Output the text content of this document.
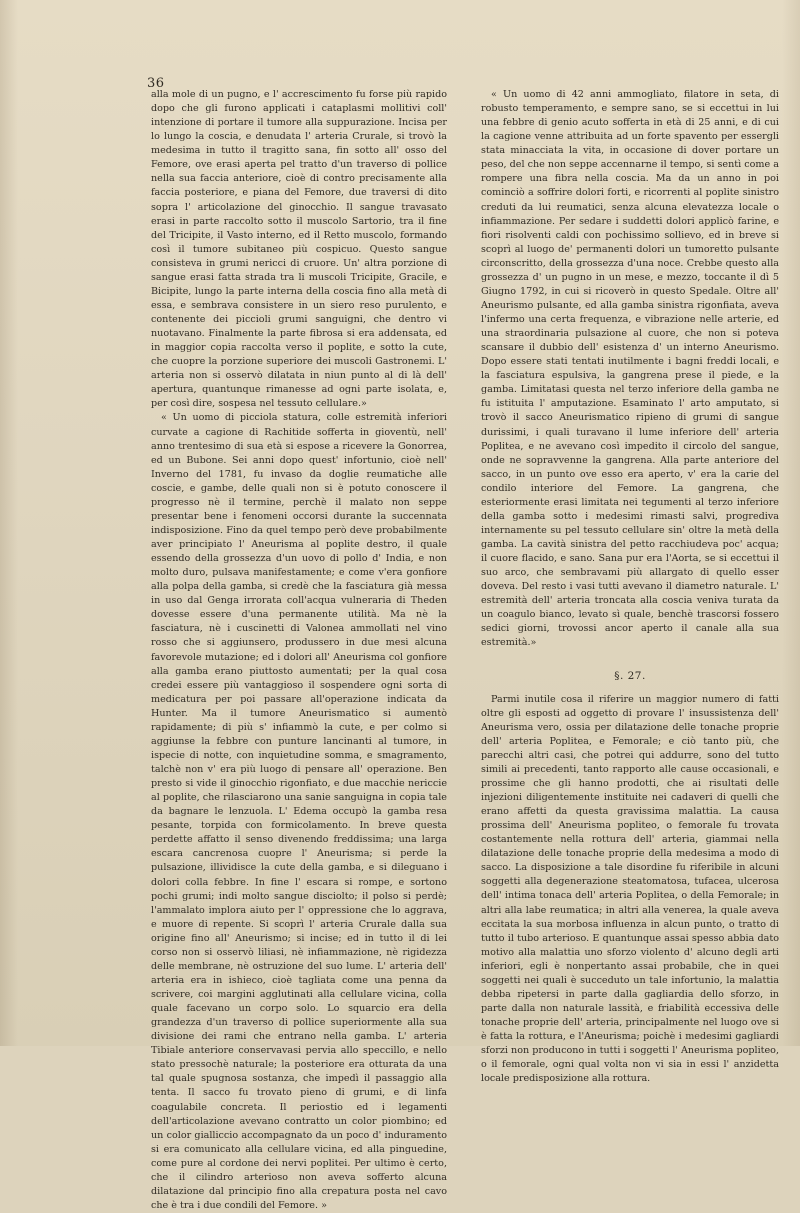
36

alla mole di un pugno, e l' accrescimento fu forse più rapido dopo che gli furono applicati i cataplasmi mollitivi coll' intenzione di portare il tumore alla suppurazione. Incisa per lo lungo la coscia, e denudata l' arteria Crurale, si trovò la medesima in tutto il tragitto sana, fin sotto all' osso del Femore, ove erasi aperta pel tratto d'un traverso di pollice nella sua faccia anteriore, cioè di contro precisamente alla faccia posteriore, e piana del Femore, due traversi di dito sopra l' articolazione del ginocchio. Il sangue travasato erasi in parte raccolto sotto il muscolo Sartorio, tra il fine del Tricipite, il Vasto interno, ed il Retto muscolo, formando così il tumore subitaneo più cospicuo. Questo sangue consisteva in grumi nericci di cruore. Un' altra porzione di sangue erasi fatta strada tra li muscoli Tricipite, Gracile, e Bicipite, lungo la parte interna della coscia fino alla metà di essa, e sembrava consistere in un siero reso purulento, e contenente dei piccioli grumi sanguigni, che dentro vi nuotavano. Finalmente la parte fibrosa si era addensata, ed in maggior copia raccolta verso il poplite, e sotto la cute, che cuopre la porzione superiore dei muscoli Gastronemi. L' arteria non si osservò dilatata in niun punto al di là dell' apertura, quantunque rimanesse ad ogni parte isolata, e, per così dire, sospesa nel tessuto cellulare.»

« Un uomo di picciola statura, colle estremità inferiori curvate a cagione di Rachitide sofferta in gioventù, nell' anno trentesimo di sua età si espose a ricevere la Gonorrea, ed un Bubone. Sei anni dopo quest' infortunio, cioè nell' Inverno del 1781, fu invaso da doglie reumatiche alle coscie, e gambe, delle quali non si è potuto conoscere il progresso nè il termine, perchè il malato non seppe presentar bene i fenomeni occorsi durante la succennata indisposizione. Fino da quel tempo però deve probabilmente aver principiato l' Aneurisma al poplite destro, il quale essendo della grossezza d'un uovo di pollo d' India, e non molto duro, pulsava manifestamente; e come v'era gonfiore alla polpa della gamba, si credè che la fasciatura già messa in uso dal Genga irrorata coll'acqua vulneraria di Theden dovesse essere d'una permanente utilità. Ma nè la fasciatura, nè i cuscinetti di Valonea ammollati nel vino rosso che si aggiunsero, produssero in due mesi alcuna favorevole mutazione; ed i dolori all' Aneurisma col gonfiore alla gamba erano piuttosto aumentati; per la qual cosa credei essere più vantaggioso il sospendere ogni sorta di medicatura per poi passare all'operazione indicata da Hunter. Ma il tumore Aneurismatico si aumentò rapidamente; di più s' infiammò la cute, e per colmo si aggiunse la febbre con punture lancinanti al tumore, in ispecie di notte, con inquietudine somma, e smagramento, talchè non v' era più luogo di pensare all' operazione. Ben presto si vide il ginocchio rigonfiato, e due macchie nericcie al poplite, che rilasciarono una sanie sanguigna in copia tale da bagnare le lenzuola. L' Edema occupò la gamba resa pesante, torpida con formicolamento. In breve questa perdette affatto il senso divenendo freddissima; una larga escara cancrenosa cuopre l' Aneurisma; si perde la pulsazione, illividisce la cute della gamba, e si dileguano i dolori colla febbre. In fine l' escara si rompe, e sortono pochi grumi; indi molto sangue disciolto; il polso si perdè; l'ammalato implora aiuto per l' oppressione che lo aggrava, e muore di repente. Si scoprì l' arteria Crurale dalla sua origine fino all' Aneurismo; si incise; ed in tutto il di lei corso non si osservò liliasi, nè infiammazione, nè rigidezza delle membrane, nè ostruzione del suo lume. L' arteria dell' arteria era in ishieco, cioè tagliata come una penna da scrivere, coi margini agglutinati alla cellulare vicina, colla quale facevano un corpo solo. Lo squarcio era della grandezza d'un traverso di pollice superiormente alla sua divisione dei rami che entrano nella gamba. L' arteria Tibiale anteriore conservavasi pervia allo speccillo, e nello stato pressochè naturale; la posteriore era otturata da una tal quale spugnosa sostanza, che impedì il passaggio alla tenta. Il sacco fu trovato pieno di grumi, e di linfa coagulabile concreta. Il periostio ed i legamenti dell'articolazione avevano contratto un color piombino; ed un color gialliccio accompagnato da un poco d' induramento si era comunicato alla cellulare vicina, ed alla pinguedine, come pure al cordone dei nervi poplitei. Per ultimo è certo, che il cilindro arterioso non aveva sofferto alcuna dilatazione dal principio fino alla crepatura posta nel cavo che è tra i due condili del Femore. »

« Un uomo di 42 anni ammogliato, filatore in seta, di robusto temperamento, e sempre sano, se si eccettui in lui una febbre di genio acuto sofferta in età di 25 anni, e di cui la cagione venne attribuita ad un forte spavento per essergli stata minacciata la vita, in occasione di dover portare un peso, del che non seppe accennarne il tempo, si sentì come a rompere una fibra nella coscia. Ma da un anno in poi cominciò a soffrire dolori forti, e ricorrenti al poplite sinistro creduti da lui reumatici, senza alcuna elevatezza locale o infiammazione. Per sedare i suddetti dolori applicò farine, e fiori risolventi caldi con pochissimo sollievo, ed in breve si scoprì al luogo de' permanenti dolori un tumoretto pulsante circonscritto, della grossezza d'una noce. Crebbe questo alla grossezza d' un pugno in un mese, e mezzo, toccante il dì 5 Giugno 1792, in cui si ricoverò in questo Spedale. Oltre all' Aneurismo pulsante, ed alla gamba sinistra rigonfiata, aveva l'infermo una certa frequenza, e vibrazione nelle arterie, ed una straordinaria pulsazione al cuore, che non si poteva scansare il dubbio dell' esistenza d' un interno Aneurismo. Dopo essere stati tentati inutilmente i bagni freddi locali, e la fasciatura espulsiva, la gangrena prese il piede, e la gamba. Limitatasi questa nel terzo inferiore della gamba ne fu istituita l' amputazione. Esaminato l' arto amputato, si trovò il sacco Aneurismatico ripieno di grumi di sangue durissimi, i quali turavano il lume inferiore dell' arteria Poplitea, e ne avevano così impedito il circolo del sangue, onde ne sopravvenne la gangrena. Alla parte anteriore del sacco, in un punto ove esso era aperto, v' era la carie del condilo interiore del Femore. La gangrena, che esteriormente erasi limitata nei tegumenti al terzo inferiore della gamba sotto i medesimi rimasti salvi, progrediva internamente su pel tessuto cellulare sin' oltre la metà della gamba. La cavità sinistra del petto racchiudeva poc' acqua; il cuore flacido, e sano. Sana pur era l'Aorta, se si eccettui il suo arco, che sembravami più allargato di quello esser doveva. Del resto i vasi tutti avevano il diametro naturale. L' estremità dell' arteria troncata alla coscia veniva turata da un coagulo bianco, levato sì quale, benchè trascorsi fossero sedici giorni, trovossi ancor aperto il canale alla sua estremità.»

§. 27.

Parmi inutile cosa il riferire un maggior numero di fatti oltre gli esposti ad oggetto di provare l' insussistenza dell' Aneurisma vero, ossia per dilatazione delle tonache proprie dell' arteria Poplitea, e Femorale; e ciò tanto più, che parecchi altri casi, che potrei qui addurre, sono del tutto simili ai precedenti, tanto rapporto alle cause occasionali, e prossime che gli hanno prodotti, che ai risultati delle injezioni diligentemente instituite nei cadaveri di quelli che erano affetti da questa gravissima malattia. La causa prossima dell' Aneurisma popliteo, o femorale fu trovata costantemente nella rottura dell' arteria, giammai nella dilatazione delle tonache proprie della medesima a modo di sacco. La disposizione a tale disordine fu riferibile in alcuni soggetti alla degenerazione steatomatosa, tufacea, ulcerosa dell' intima tonaca dell' arteria Poplitea, o della Femorale; in altri alla labe reumatica; in altri alla venerea, la quale aveva eccitata la sua morbosa influenza in alcun punto, o tratto di tutto il tubo arterioso. E quantunque assai spesso abbia dato motivo alla malattia uno sforzo violento d' alcuno degli arti inferiori, egli è nonpertanto assai probabile, che in quei soggetti nei quali è succeduto un tale infortunio, la malattia debba ripetersi in parte dalla gagliardia dello sforzo, in parte dalla non naturale lassità, e friabilità eccessiva delle tonache proprie dell' arteria, principalmente nel luogo ove si è fatta la rottura, e l'Aneurisma; poichè i medesimi gagliardi sforzi non producono in tutti i soggetti l' Aneurisma popliteo, o il femorale, ogni qual volta non vi sia in essi l' anzidetta locale predisposizione alla rottura.
